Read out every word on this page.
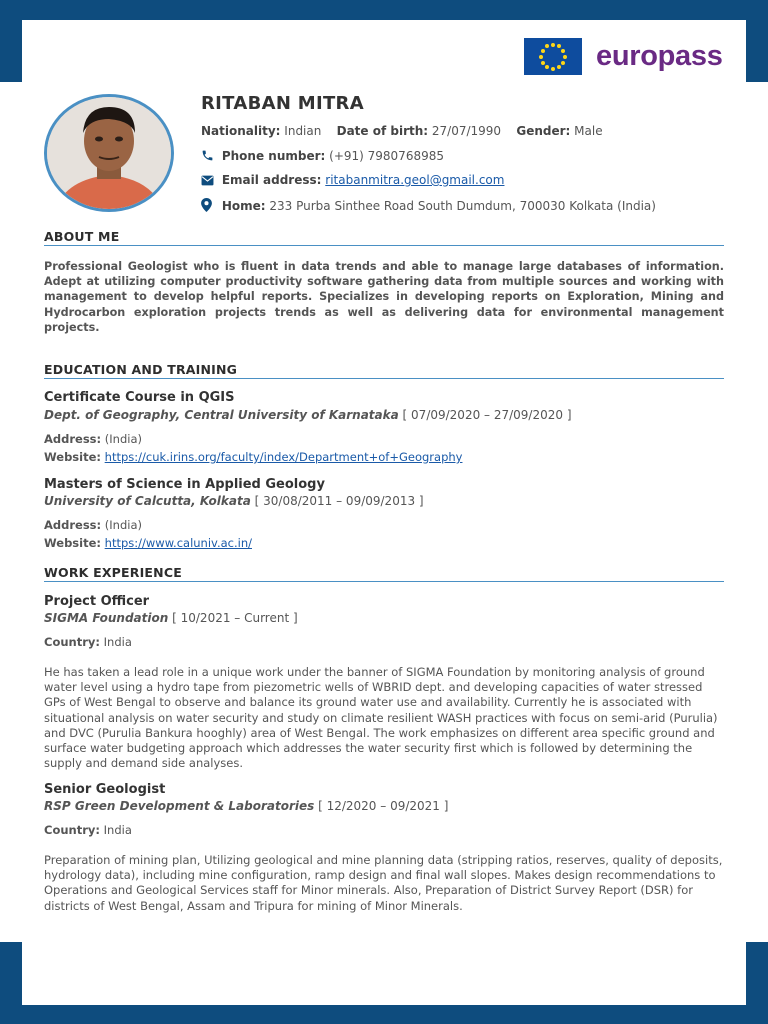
europass
RITABAN MITRA
Nationality: Indian Date of birth: 27/07/1990 Gender: Male
Phone number: (+91) 7980768985
Email address: ritabanmitra.geol@gmail.com
Home: 233 Purba Sinthee Road South Dumdum, 700030 Kolkata (India)
ABOUT ME
Professional Geologist who is fluent in data trends and able to manage large databases of information. Adept at utilizing computer productivity software gathering data from multiple sources and working with management to develop helpful reports. Specializes in developing reports on Exploration, Mining and Hydrocarbon exploration projects trends as well as delivering data for environmental management projects.
EDUCATION AND TRAINING
Certificate Course in QGIS
Dept. of Geography, Central University of Karnataka [ 07/09/2020 – 27/09/2020 ]
Address: (India)
Website: https://cuk.irins.org/faculty/index/Department+of+Geography
Masters of Science in Applied Geology
University of Calcutta, Kolkata [ 30/08/2011 – 09/09/2013 ]
Address: (India)
Website: https://www.caluniv.ac.in/
WORK EXPERIENCE
Project Officer
SIGMA Foundation [ 10/2021 – Current ]
Country: India
He has taken a lead role in a unique work under the banner of SIGMA Foundation by monitoring analysis of ground water level using a hydro tape from piezometric wells of WBRID dept. and developing capacities of water stressed GPs of West Bengal to observe and balance its ground water use and availability. Currently he is associated with situational analysis on water security and study on climate resilient WASH practices with focus on semi-arid (Purulia) and DVC (Purulia Bankura hooghly) area of West Bengal. The work emphasizes on different area specific ground and surface water budgeting approach which addresses the water security first which is followed by determining the supply and demand side analyses.
Senior Geologist
RSP Green Development & Laboratories [ 12/2020 – 09/2021 ]
Country: India
Preparation of mining plan, Utilizing geological and mine planning data (stripping ratios, reserves, quality of deposits, hydrology data), including mine configuration, ramp design and final wall slopes. Makes design recommendations to Operations and Geological Services staff for Minor minerals. Also, Preparation of District Survey Report (DSR) for districts of West Bengal, Assam and Tripura for mining of Minor Minerals.
